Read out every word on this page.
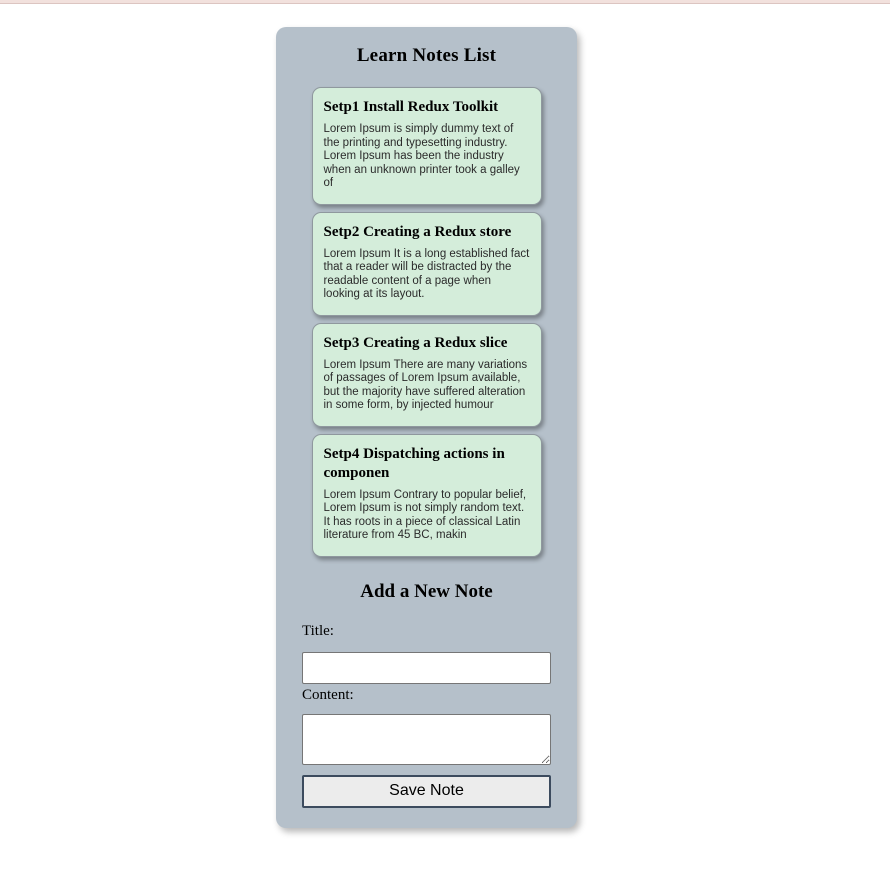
Learn Notes List
Setp1 Install Redux Toolkit

Lorem Ipsum is simply dummy text of the printing and typesetting industry. Lorem Ipsum has been the industry when an unknown printer took a galley of

Setp2 Creating a Redux store

Lorem Ipsum It is a long established fact that a reader will be distracted by the readable content of a page when looking at its layout.

Setp3 Creating a Redux slice

Lorem Ipsum There are many variations of passages of Lorem Ipsum available, but the majority have suffered alteration in some form, by injected humour

Setp4 Dispatching actions in componen

Lorem Ipsum Contrary to popular belief, Lorem Ipsum is not simply random text. It has roots in a piece of classical Latin literature from 45 BC, makin

Add a New Note
Title:
Content:
Save Note
